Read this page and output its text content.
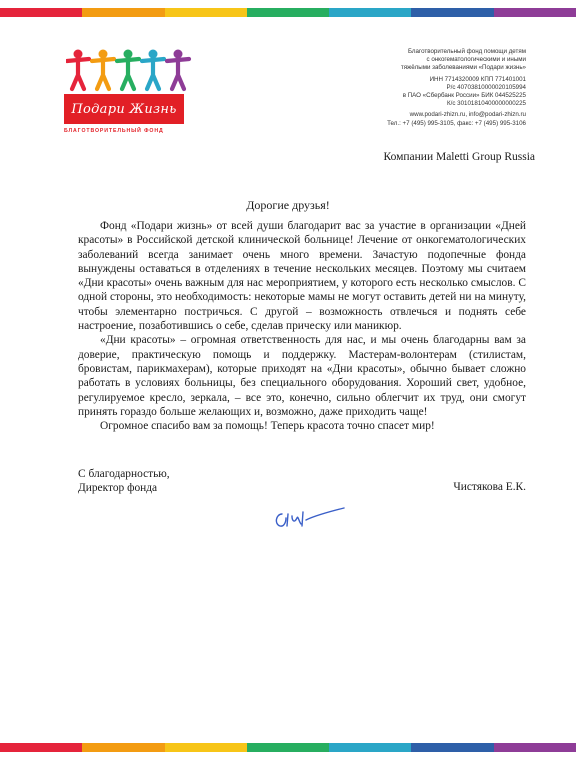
Подари Жизнь
БЛАГОТВОРИТЕЛЬНЫЙ ФОНД
Благотворительный фонд помощи детям
с онкогематологическими и иными
тяжёлыми заболеваниями «Подари жизнь»
ИНН 7714320009 КПП 771401001
Р/с 40703810000020105994
в ПАО «Сбербанк России» БИК 044525225
К/с 30101810400000000225
www.podari-zhizn.ru, info@podari-zhizn.ru
Тел.: +7 (495) 995-3105, факс: +7 (495) 995-3106
Компании Maletti Group Russia
Дорогие друзья!

Фонд «Подари жизнь» от всей души благодарит вас за участие в организации «Дней красоты» в Российской детской клинической больнице! Лечение от онкогематологических заболеваний всегда занимает очень много времени. Зачастую подопечные фонда вынуждены оставаться в отделениях в течение нескольких месяцев. Поэтому мы считаем «Дни красоты» очень важным для нас мероприятием, у которого есть несколько смыслов. С одной стороны, это необходимость: некоторые мамы не могут оставить детей ни на минуту, чтобы элементарно постричься. С другой – возможность отвлечься и поднять себе настроение, позаботившись о себе, сделав прическу или маникюр.

«Дни красоты» – огромная ответственность для нас, и мы очень благодарны вам за доверие, практическую помощь и поддержку. Мастерам-волонтерам (стилистам, бровистам, парикмахерам), которые приходят на «Дни красоты», обычно бывает сложно работать в условиях больницы, без специального оборудования. Хороший свет, удобное, регулируемое кресло, зеркала, – все это, конечно, сильно облегчит их труд, они смогут принять гораздо больше желающих и, возможно, даже приходить чаще!

Огромное спасибо вам за помощь! Теперь красота точно спасет мир!

С благодарностью,
Директор фонда	Чистякова Е.К.
